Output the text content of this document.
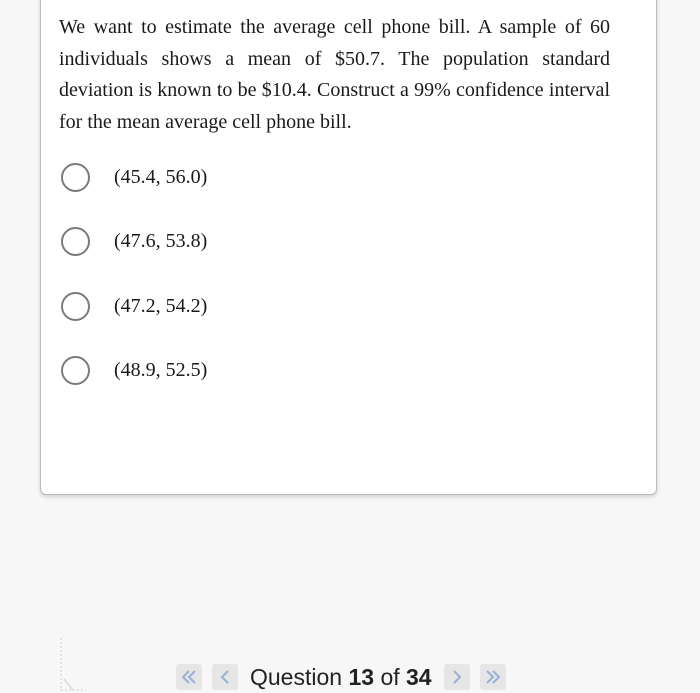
We want to estimate the average cell phone bill. A sample of 60 individuals shows a mean of $50.7. The population standard deviation is known to be $10.4. Construct a 99% confidence interval for the mean average cell phone bill.

(45.4, 56.0)
(47.6, 53.8)
(47.2, 54.2)
(48.9, 52.5)
Question 13 of 34
